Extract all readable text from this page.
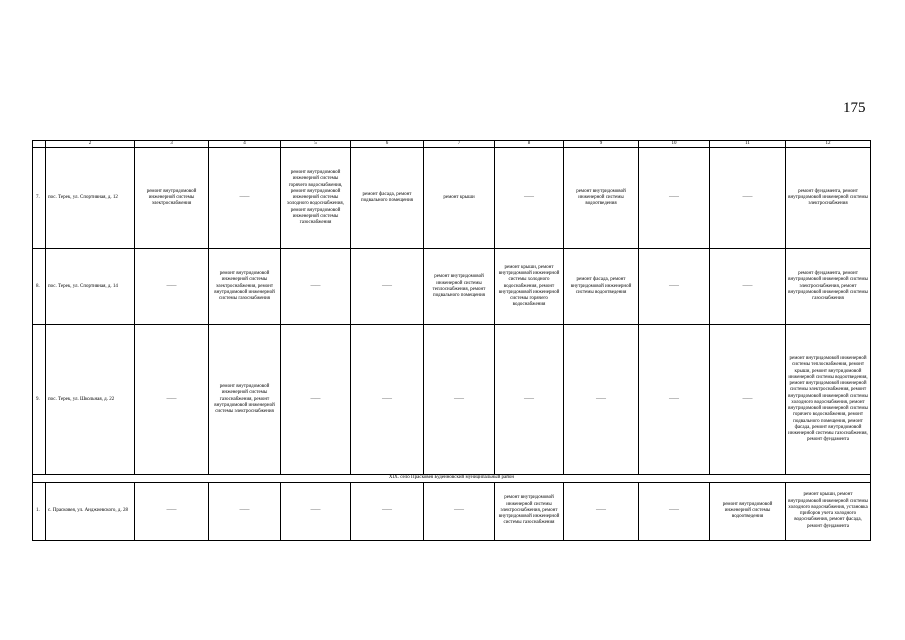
175
	2	3	4	5	6	7	8	9	10	11	12
7.	пос. Терек, ул. Спортивная, д. 12	ремонт внутридомовой инженерной системы электроснабжения	——	ремонт внутридомовой инженерной системы горячего водоснабжения, ремонт внутридомовой инженерной системы холодного водоснабжения, ремонт внутридомовой инженерной системы газоснабжения	ремонт фасада, ремонт подвального помещения	ремонт крыши	——	ремонт внутридомовой инженерной системы водоотведения	——	——	ремонт фундамента, ремонт внутридомовой инженерной системы электроснабжения
8.	пос. Терек, ул. Спортивная, д. 14	——	ремонт внутридомовой инженерной системы электроснабжения, ремонт внутридомовой инженерной системы газоснабжения	——	——	ремонт внутридомовой инженерной системы теплоснабжения, ремонт подвального помещения	ремонт крыши, ремонт внутридомовой инженерной системы холодного водоснабжения, ремонт внутридомовой инженерной системы горячего водоснабжения	ремонт фасада, ремонт внутридомовой инженерной системы водоотведения	——	——	ремонт фундамента, ремонт внутридомовой инженерной системы электроснабжения, ремонт внутридомовой инженерной системы газоснабжения
9.	пос. Терек, ул. Школьная, д. 22	——	ремонт внутридомовой инженерной системы газоснабжения, ремонт внутридомовой инженерной системы электроснабжения	——	——	——	——	——	——	——	ремонт внутридомовой инженерной системы теплоснабжения, ремонт крыши, ремонт внутридомовой инженерной системы водоотведения, ремонт внутридомовой инженерной системы электроснабжения, ремонт внутридомовой инженерной системы холодного водоснабжения, ремонт внутридомовой инженерной системы горячего водоснабжения, ремонт подвального помещения, ремонт фасада, ремонт внутридомовой инженерной системы газоснабжения, ремонт фундамента
XIX. село Прасковея Буденновский муниципальный район											
1.	с. Прасковея, ул. Анджиевского, д. 28	——	——	——	——	——	ремонт внутридомовой инженерной системы электроснабжения, ремонт внутридомовой инженерной системы газоснабжения	——	——	ремонт внутридомовой инженерной системы водоотведения	ремонт крыши, ремонт внутридомовой инженерной системы холодного водоснабжения, установка приборов учета холодного водоснабжения, ремонт фасада, ремонт фундамента
